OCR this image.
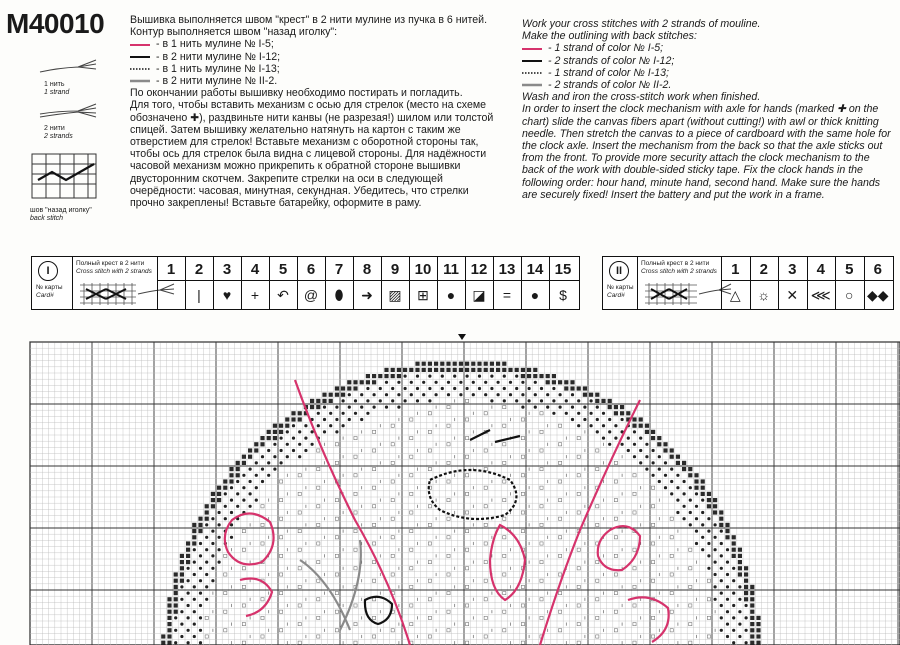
M40010 Вышивка выполняется швом "крест" в 2 нити мулине из пучка в 6 нитей.

Контур выполняется швом "назад иголку":

- в 1 нить мулине № I-5;
- в 2 нити мулине № I-12;
- в 1 нить мулине № I-13;
- в 2 нити мулине № II-2.

По окончании работы вышивку необходимо постирать и погладить.

Для того, чтобы вставить механизм с осью для стрелок (место на схеме

обозначено ✚), раздвиньте нити канвы (не разрезая!) шилом или толстой

спицей. Затем вышивку желательно натянуть на картон с таким же

отверстием для стрелок! Вставьте механизм с оборотной стороны так,

чтобы ось для стрелок была видна с лицевой стороны. Для надёжности

часовой механизм можно прикрепить к обратной стороне вышивки

двусторонним скотчем. Закрепите стрелки на оси в следующей

очерёдности: часовая, минутная, секундная. Убедитесь, что стрелки

прочно закреплены! Вставьте батарейку, оформите в раму.

Work your cross stitches with 2 strands of mouline.

Make the outlining with back stitches:

- 1 strand of color № I-5;
- 2 strands of color № I-12;
- 1 strand of color № I-13;
- 2 strands of color № II-2.

Wash and iron the cross-stitch work when finished.

In order to insert the clock mechanism with axle for hands (marked ✚ on the

chart) slide the canvas fibers apart (without cutting!) with awl or thick knitting

needle. Then stretch the canvas to a piece of cardboard with the same hole for

the clock axle. Insert the mechanism from the back so that the axle sticks out

from the front. To provide more security attach the clock mechanism to the

back of the work with double-sided sticky tape. Fix the clock hands in the

following order: hour hand, minute hand, second hand. Make sure the hands

are securely fixed! Insert the battery and put the work in a frame.

1 нить
1 strand
2 нити
2 strands
шов "назад иголку"
back stitch
I
№ карты
Card#
Полный крест в 2 нити
Cross stitch with 2 strands 1	2
|
3
♥
4
+
5
↶
6
@
7
⬮
8
➜
9
▨
10
⊞
11
●
12
◪
13
=
14
●
15
$
II
№ карты
Card#
Полный крест в 2 нити
Cross stitch with 2 strands 1
△
2
☼
3
✕
4
⋘
5
○
6
◆◆
